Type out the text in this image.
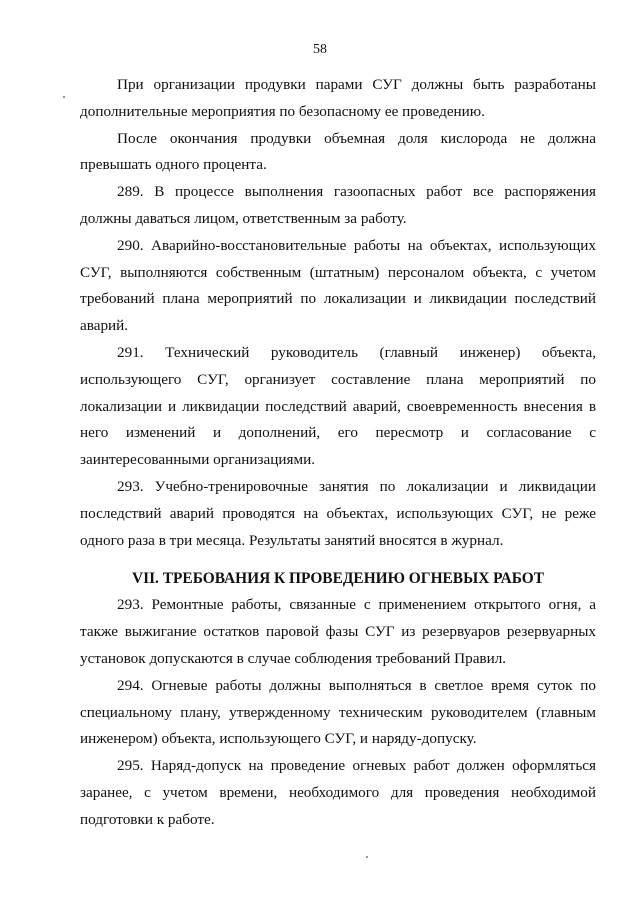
58

При организации продувки парами СУГ должны быть разработаны дополнительные мероприятия по безопасному ее проведению.

После окончания продувки объемная доля кислорода не должна превышать одного процента.

289. В процессе выполнения газоопасных работ все распоряжения должны даваться лицом, ответственным за работу.

290. Аварийно-восстановительные работы на объектах, использующих СУГ, выполняются собственным (штатным) персоналом объекта, с учетом требований плана мероприятий по локализации и ликвидации последствий аварий.

291. Технический руководитель (главный инженер) объекта, использующего СУГ, организует составление плана мероприятий по локализации и ликвидации последствий аварий, своевременность внесения в него изменений и дополнений, его пересмотр и согласование с заинтересованными организациями.

293. Учебно-тренировочные занятия по локализации и ликвидации последствий аварий проводятся на объектах, использующих СУГ, не реже одного раза в три месяца. Результаты занятий вносятся в журнал.

VII. ТРЕБОВАНИЯ К ПРОВЕДЕНИЮ ОГНЕВЫХ РАБОТ

293. Ремонтные работы, связанные с применением открытого огня, а также выжигание остатков паровой фазы СУГ из резервуаров резервуарных установок допускаются в случае соблюдения требований Правил.

294. Огневые работы должны выполняться в светлое время суток по специальному плану, утвержденному техническим руководителем (главным инженером) объекта, использующего СУГ, и наряду-допуску.

295. Наряд-допуск на проведение огневых работ должен оформляться заранее, с учетом времени, необходимого для проведения необходимой подготовки к работе.
